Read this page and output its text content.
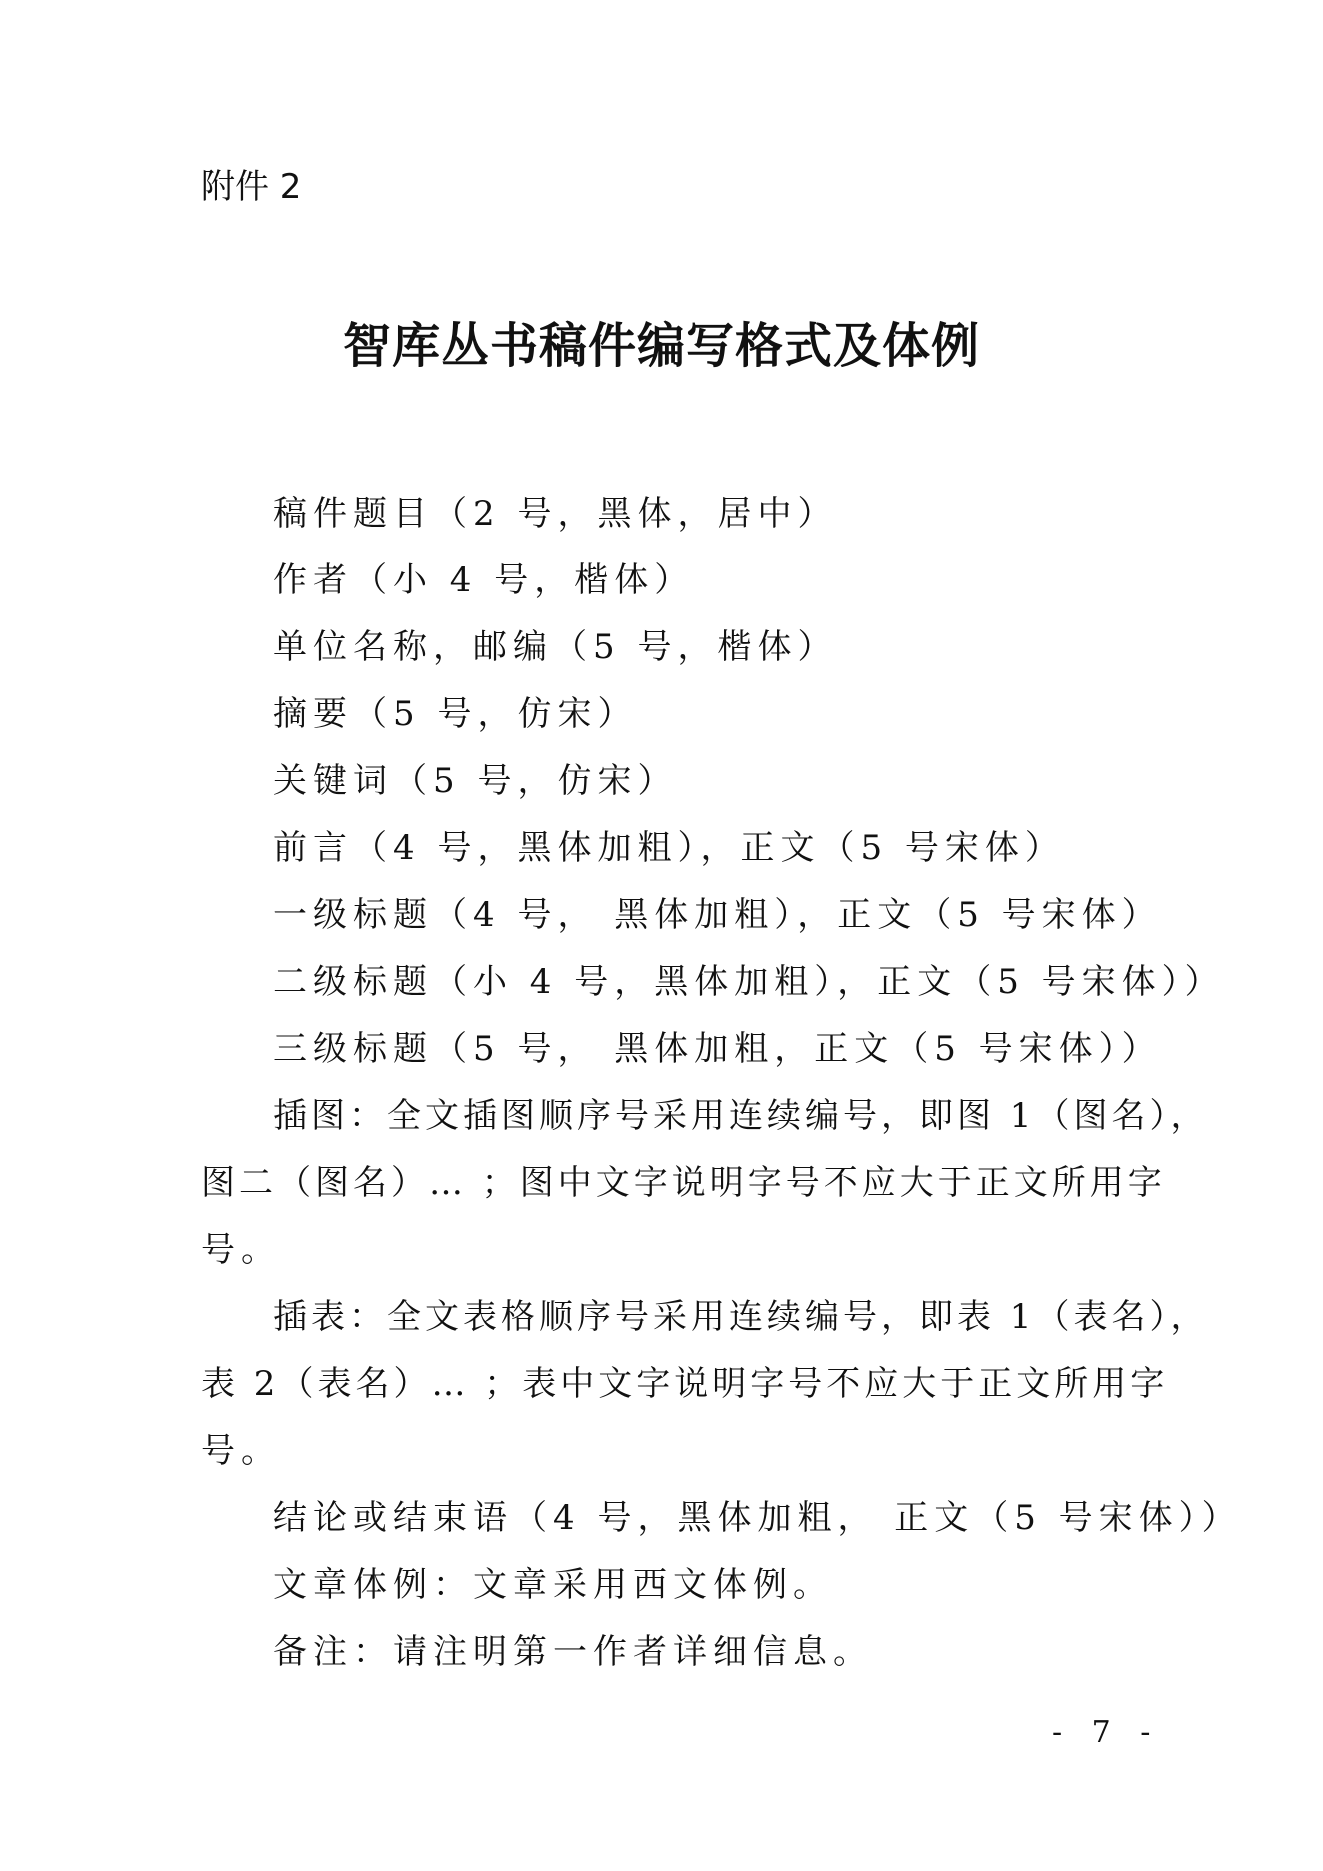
附件 2
智库丛书稿件编写格式及体例
稿件题目（2 号，黑体，居中）
作者（小 4 号，楷体）
单位名称，邮编（5 号，楷体）
摘要（5 号，仿宋）
关键词（5 号，仿宋）
前言（4 号，黑体加粗），正文（5 号宋体）
一级标题（4 号， 黑体加粗），正文（5 号宋体）
二级标题（小 4 号，黑体加粗），正文（5 号宋体））
三级标题（5 号， 黑体加粗，正文（5 号宋体））
插图：全文插图顺序号采用连续编号，即图 1（图名），
图二（图名）… ；图中文字说明字号不应大于正文所用字
号。
插表：全文表格顺序号采用连续编号，即表 1（表名），
表 2（表名）… ；表中文字说明字号不应大于正文所用字
号。
结论或结束语（4 号，黑体加粗， 正文（5 号宋体））
文章体例：文章采用西文体例。
备注：请注明第一作者详细信息。
- 7 -
